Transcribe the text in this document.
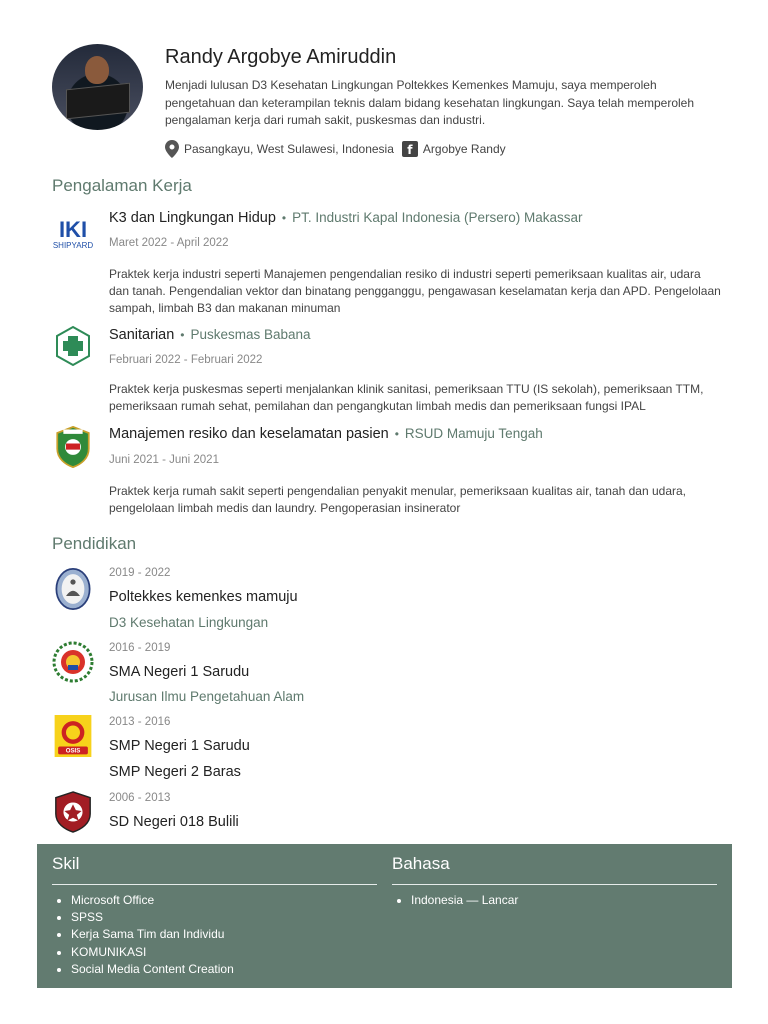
Randy Argobye Amiruddin

Menjadi lulusan D3 Kesehatan Lingkungan Poltekkes Kemenkes Mamuju, saya memperoleh pengetahuan dan keterampilan teknis dalam bidang kesehatan lingkungan. Saya telah memperoleh pengalaman kerja dari rumah sakit, puskesmas dan industri.

Pasangkayu, West Sulawesi, Indonesia	f Argobye Randy
Pengalaman Kerja
IKI
SHIPYARD
K3 dan Lingkungan Hidup • PT. Industri Kapal Indonesia (Persero) Makassar
Maret 2022 - April 2022

Praktek kerja industri seperti Manajemen pengendalian resiko di industri seperti pemeriksaan kualitas air, udara dan tanah. Pengendalian vektor dan binatang pengganggu, pengawasan keselamatan kerja dan APD. Pengelolaan sampah, limbah B3 dan makanan minuman

Sanitarian • Puskesmas Babana
Februari 2022 - Februari 2022

Praktek kerja puskesmas seperti menjalankan klinik sanitasi, pemeriksaan TTU (IS sekolah), pemeriksaan TTM, pemeriksaan rumah sehat, pemilahan dan pengangkutan limbah medis dan pemeriksaan fungsi IPAL

Manajemen resiko dan keselamatan pasien • RSUD Mamuju Tengah
Juni 2021 - Juni 2021

Praktek kerja rumah sakit seperti pengendalian penyakit menular, pemeriksaan kualitas air, tanah dan udara, pengelolaan limbah medis dan laundry. Pengoperasian insinerator

Pendidikan
2019 - 2022
Poltekkes kemenkes mamuju
D3 Kesehatan Lingkungan
2016 - 2019
SMA Negeri 1 Sarudu
Jurusan Ilmu Pengetahuan Alam
OSIS
2013 - 2016
SMP Negeri 1 Sarudu
SMP Negeri 2 Baras
2006 - 2013
SD Negeri 018 Bulili
Skil
• Microsoft Office
• SPSS
• Kerja Sama Tim dan Individu
• KOMUNIKASI
• Social Media Content Creation
Bahasa
• Indonesia — Lancar
